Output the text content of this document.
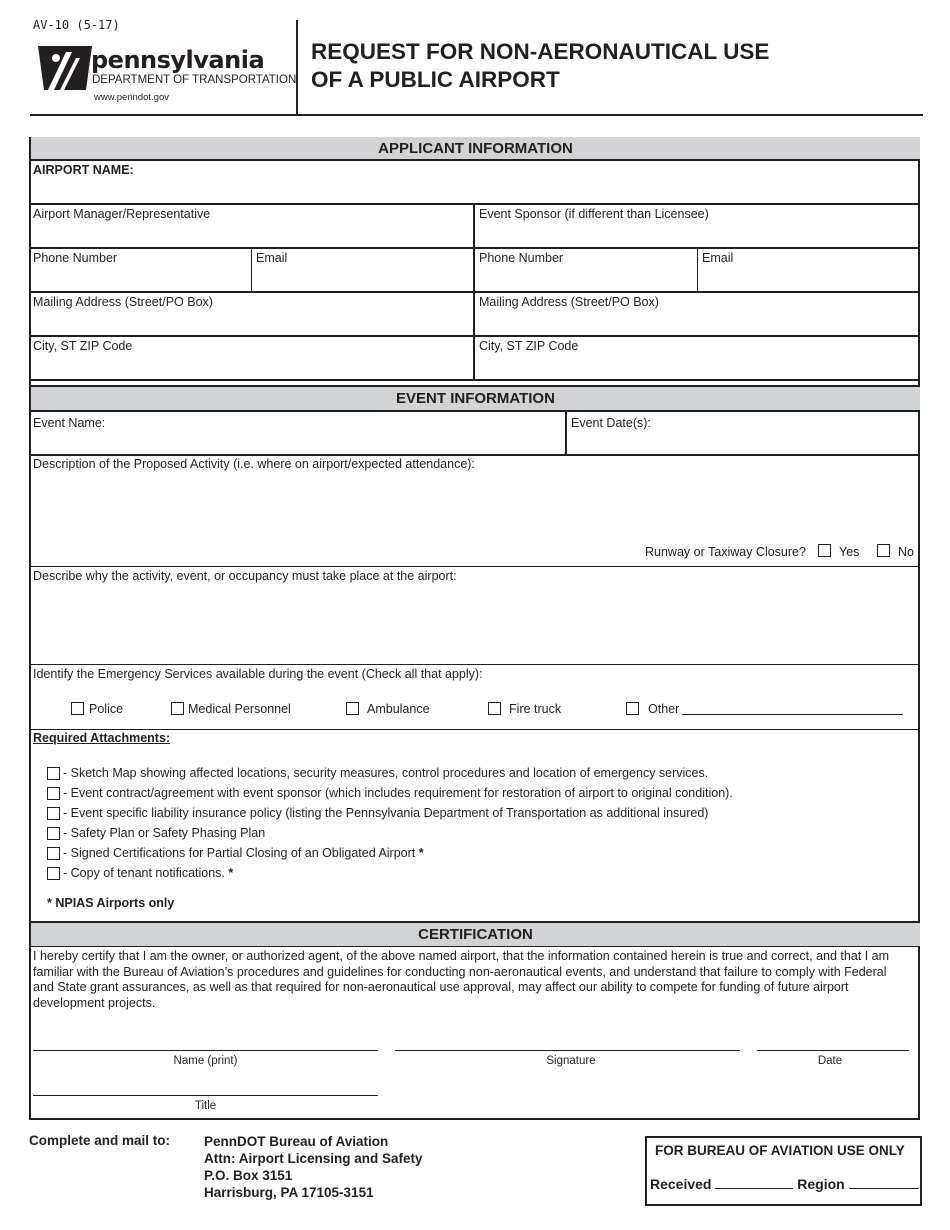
AV-10 (5-17)
pennsylvania
DEPARTMENT OF TRANSPORTATION
www.penndot.gov
REQUEST FOR NON-AERONAUTICAL USE
OF A PUBLIC AIRPORT
APPLICANT INFORMATION
AIRPORT NAME:
Airport Manager/Representative	Event Sponsor (if different than Licensee)
Phone Number	Email	Phone Number	Email
Mailing Address (Street/PO Box)	Mailing Address (Street/PO Box)
City, ST ZIP Code	City, ST ZIP Code
EVENT INFORMATION
Event Name:	Event Date(s):
Description of the Proposed Activity (i.e. where on airport/expected attendance):
Runway or Taxiway Closure?	Yes	No
Describe why the activity, event, or occupancy must take place at the airport:
Identify the Emergency Services available during the event (Check all that apply):
Police	Medical Personnel	Ambulance	Fire truck	Other
Required Attachments:
- Sketch Map showing affected locations, security measures, control procedures and location of emergency services.
- Event contract/agreement with event sponsor (which includes requirement for restoration of airport to original condition).
- Event specific liability insurance policy (listing the Pennsylvania Department of Transportation as additional insured)
- Safety Plan or Safety Phasing Plan
- Signed Certifications for Partial Closing of an Obligated Airport *
- Copy of tenant notifications. *
* NPIAS Airports only
CERTIFICATION
I hereby certify that I am the owner, or authorized agent, of the above named airport, that the information contained herein is true and correct, and that I am familiar with the Bureau of Aviation’s procedures and guidelines for conducting non-aeronautical events, and understand that failure to comply with Federal and State grant assurances, as well as that required for non-aeronautical use approval, may affect our ability to compete for funding of future airport development projects.
Name (print)	Signature	Date
Title
Complete and mail to:	PennDOT Bureau of Aviation
Attn: Airport Licensing and Safety
P.O. Box 3151
Harrisburg, PA 17105-3151
FOR BUREAU OF AVIATION USE ONLY
Received	Region
